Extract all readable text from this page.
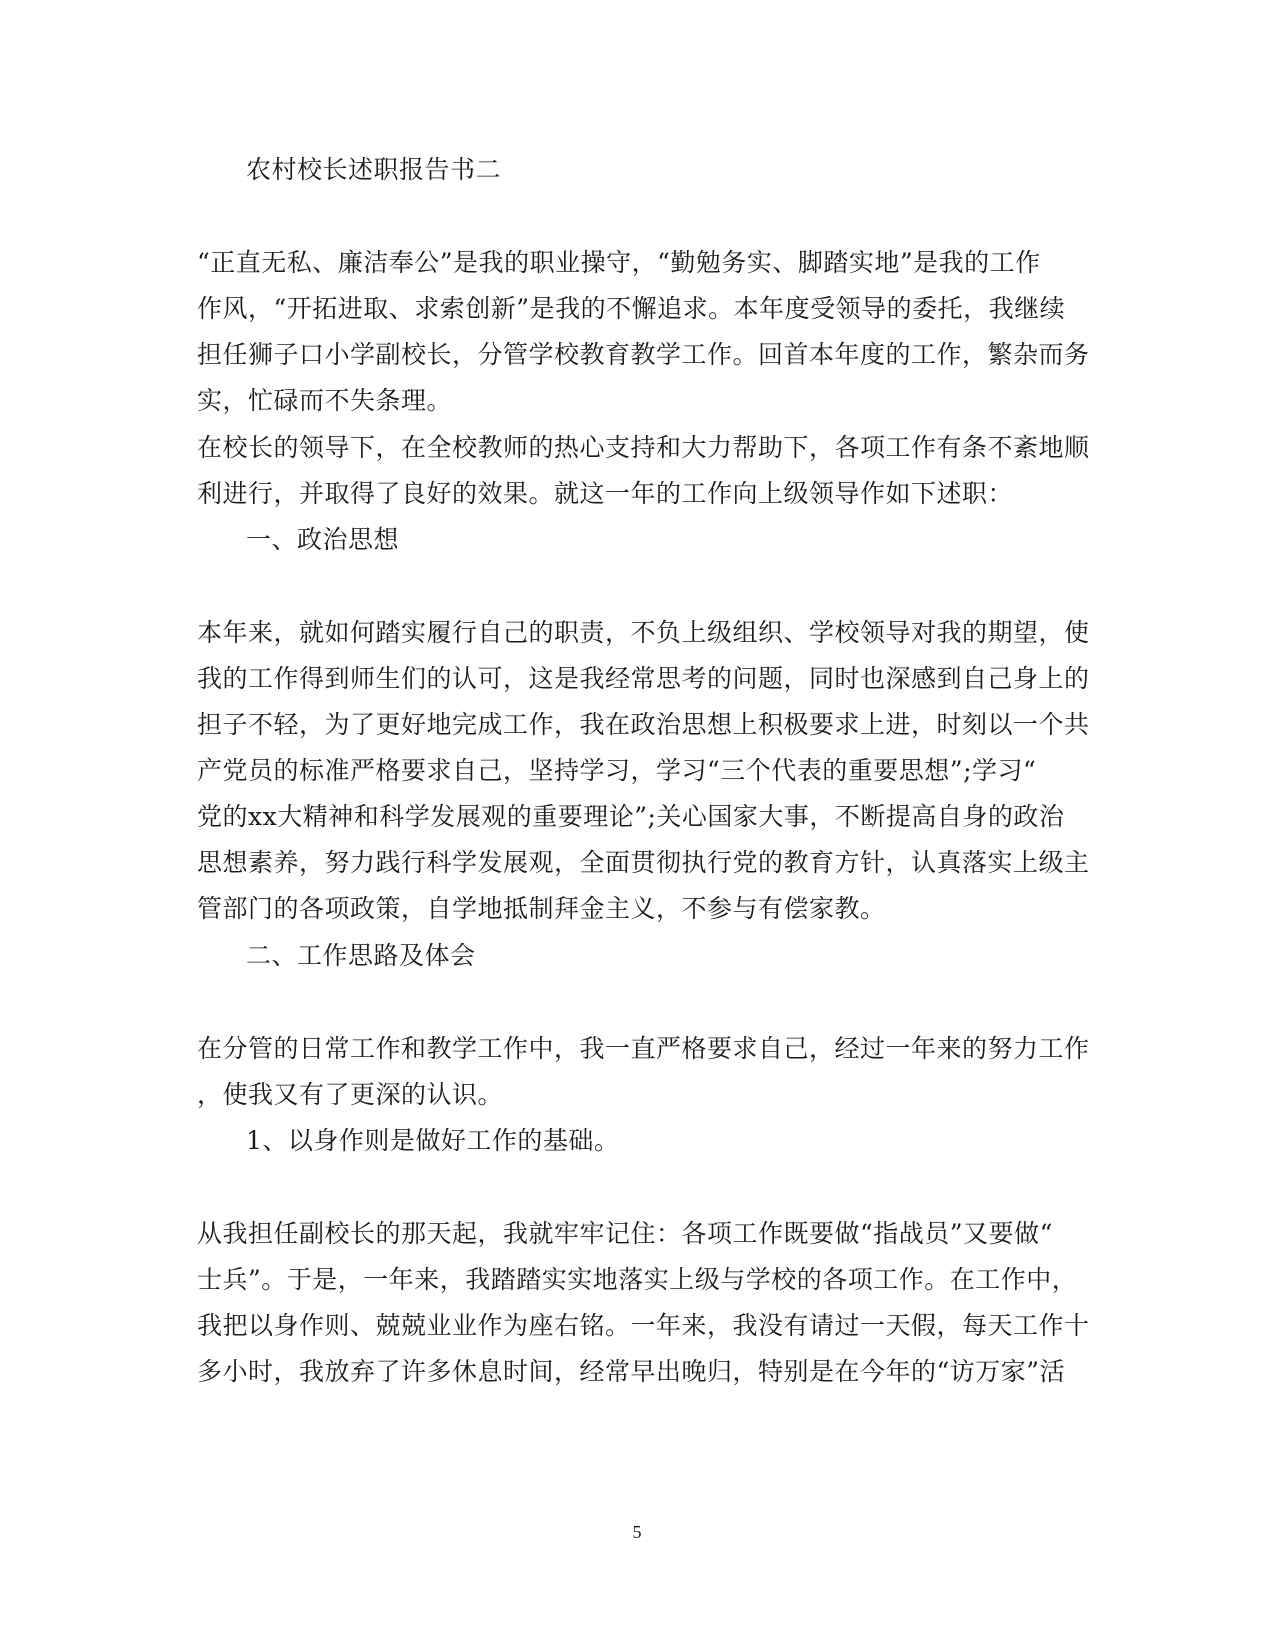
农村校长述职报告书二
“正直无私、廉洁奉公”是我的职业操守，“勤勉务实、脚踏实地”是我的工作
作风，“开拓进取、求索创新”是我的不懈追求。本年度受领导的委托，我继续
担任狮子口小学副校长，分管学校教育教学工作。回首本年度的工作，繁杂而务
实，忙碌而不失条理。
在校长的领导下，在全校教师的热心支持和大力帮助下，各项工作有条不紊地顺
利进行，并取得了良好的效果。就这一年的工作向上级领导作如下述职：
一、政治思想
本年来，就如何踏实履行自己的职责，不负上级组织、学校领导对我的期望，使
我的工作得到师生们的认可，这是我经常思考的问题，同时也深感到自己身上的
担子不轻，为了更好地完成工作，我在政治思想上积极要求上进，时刻以一个共
产党员的标准严格要求自己，坚持学习，学习“三个代表的重要思想”;学习“
党的xx大精神和科学发展观的重要理论”;关心国家大事，不断提高自身的政治
思想素养，努力践行科学发展观，全面贯彻执行党的教育方针，认真落实上级主
管部门的各项政策，自学地抵制拜金主义，不参与有偿家教。
二、工作思路及体会
在分管的日常工作和教学工作中，我一直严格要求自己，经过一年来的努力工作
，使我又有了更深的认识。
1、以身作则是做好工作的基础。
从我担任副校长的那天起，我就牢牢记住：各项工作既要做“指战员”又要做“
士兵”。于是，一年来，我踏踏实实地落实上级与学校的各项工作。在工作中，
我把以身作则、兢兢业业作为座右铭。一年来，我没有请过一天假，每天工作十
多小时，我放弃了许多休息时间，经常早出晚归，特别是在今年的“访万家”活
5
